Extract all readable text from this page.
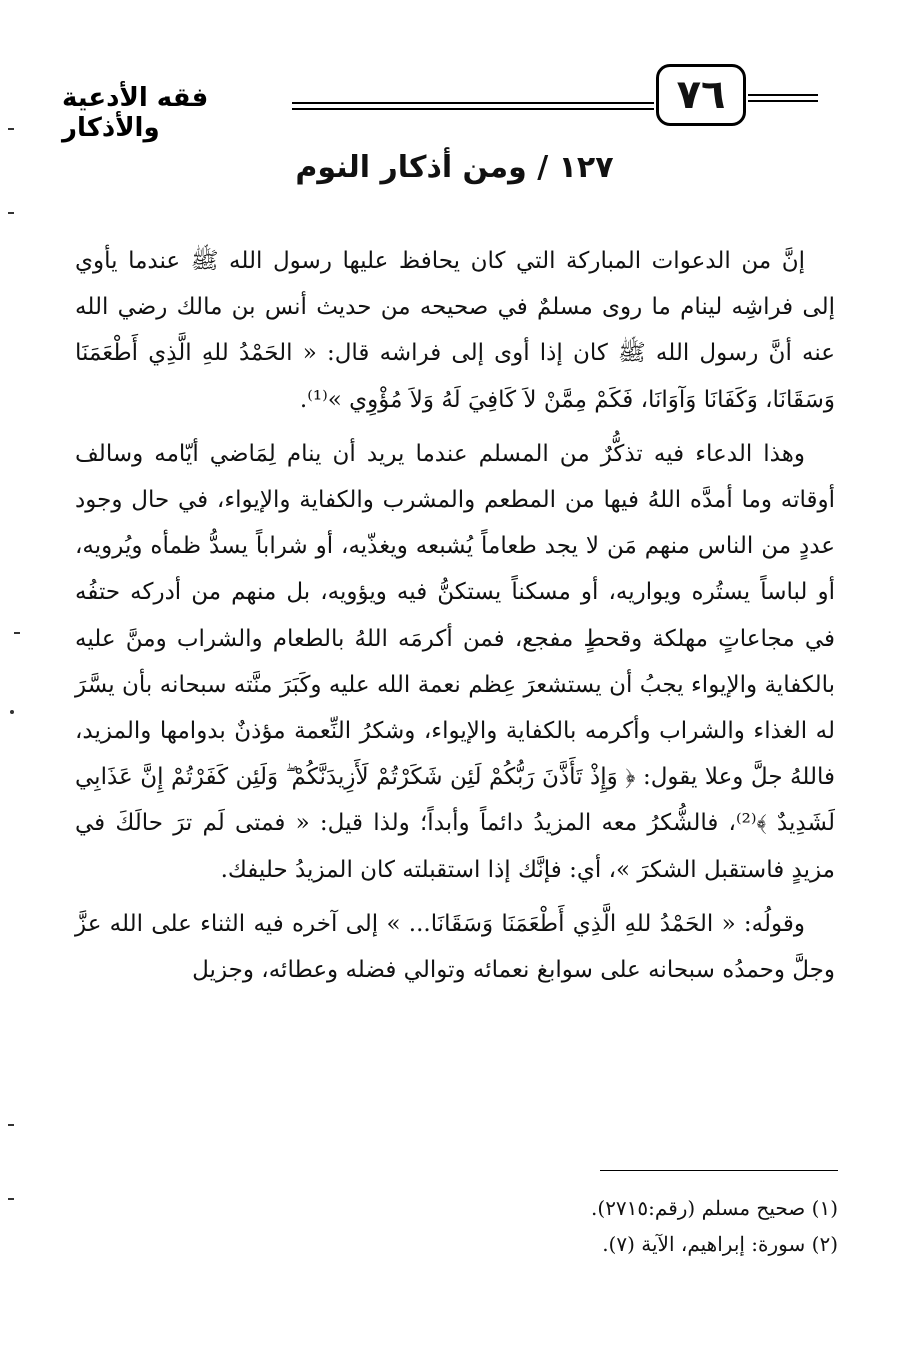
فقه الأدعية والأذكار
٧٦
١٢٧ / ومن أذكار النوم

إنَّ من الدعوات المباركة التي كان يحافظ عليها رسول الله ﷺ عندما يأوي إلى فراشِه لينام ما روى مسلمٌ في صحيحه من حديث أنس بن مالك رضي الله عنه أنَّ رسول الله ﷺ كان إذا أوى إلى فراشه قال: « الحَمْدُ للهِ الَّذِي أَطْعَمَنَا وَسَقَانَا، وَكَفَانَا وَآوَانَا، فَكَمْ مِمَّنْ لاَ كَافِيَ لَهُ وَلاَ مُؤْوِي »⁽¹⁾.

وهذا الدعاء فيه تذكُّرٌ من المسلم عندما يريد أن ينام لِمَاضي أيّامه وسالف أوقاته وما أمدَّه اللهُ فيها من المطعم والمشرب والكفاية والإيواء، في حال وجود عددٍ من الناس منهم مَن لا يجد طعاماً يُشبعه ويغذّيه، أو شراباً يسدُّ ظمأه ويُرويه، أو لباساً يستُره ويواريه، أو مسكناً يستكنُّ فيه ويؤويه، بل منهم من أدركه حتفُه في مجاعاتٍ مهلكة وقحطٍ مفجع، فمن أكرمَه اللهُ بالطعام والشراب ومنَّ عليه بالكفاية والإيواء يجبُ أن يستشعرَ عِظم نعمة الله عليه وكَبَرَ منَّته سبحانه بأن يسَّرَ له الغذاء والشراب وأكرمه بالكفاية والإيواء، وشكرُ النِّعمة مؤذنٌ بدوامها والمزيد، فاللهُ جلَّ وعلا يقول: ﴿ وَإِذْ تَأَذَّنَ رَبُّكُمْ لَئِن شَكَرْتُمْ لَأَزِيدَنَّكُمْ ۖ وَلَئِن كَفَرْتُمْ إِنَّ عَذَابِي لَشَدِيدٌ ﴾⁽²⁾، فالشُّكرُ معه المزيدُ دائماً وأبداً؛ ولذا قيل: « فمتى لَم ترَ حالَكَ في مزيدٍ فاستقبل الشكرَ »، أي: فإنَّك إذا استقبلته كان المزيدُ حليفك.

وقولُه: « الحَمْدُ للهِ الَّذِي أَطْعَمَنَا وَسَقَانَا... » إلى آخره فيه الثناء على الله عزَّ وجلَّ وحمدُه سبحانه على سوابغ نعمائه وتوالي فضله وعطائه، وجزيل

(١) صحيح مسلم (رقم:٢٧١٥).
(٢) سورة: إبراهيم، الآية (٧).
